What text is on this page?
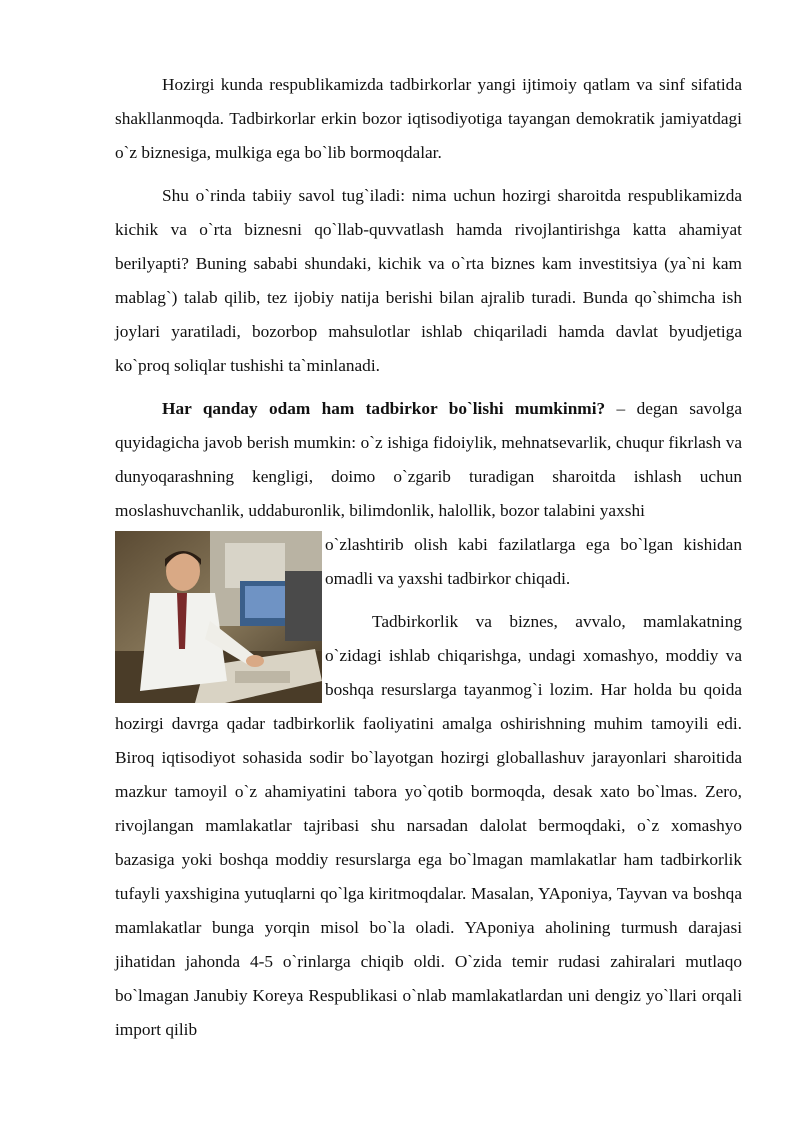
Hozirgi kunda respublikamizda tadbirkorlar yangi ijtimoiy qatlam va sinf sifatida shakllanmoqda. Tadbirkorlar erkin bozor iqtisodiyotiga tayangan demokratik jamiyatdagi o`z biznesiga, mulkiga ega bo`lib bormoqdalar.

Shu o`rinda tabiiy savol tug`iladi: nima uchun hozirgi sharoitda respublikamizda kichik va o`rta biznesni qo`llab-quvvatlash hamda rivojlantirishga katta ahamiyat berilyapti? Buning sababi shundaki, kichik va o`rta biznes kam investitsiya (ya`ni kam mablag`) talab qilib, tez ijobiy natija berishi bilan ajralib turadi. Bunda qo`shimcha ish joylari yaratiladi, bozorbop mahsulotlar ishlab chiqariladi hamda davlat byudjetiga ko`proq soliqlar tushishi ta`minlanadi.

Har qanday odam ham tadbirkor bo`lishi mumkinmi? – degan savolga quyidagicha javob berish mumkin: o`z ishiga fidoiylik, mehnatsevarlik, chuqur fikrlash va dunyoqarashning kengligi, doimo o`zgarib turadigan sharoitda ishlash uchun moslashuvchanlik, uddaburonlik, bilimdonlik, halollik, bozor talabini yaxshi

o`zlashtirib olish kabi fazilatlarga ega bo`lgan kishidan omadli va yaxshi tadbirkor chiqadi.

Tadbirkorlik va biznes, avvalo, mamlakatning o`zidagi ishlab chiqarishga, undagi xomashyo, moddiy va boshqa resurslarga tayanmog`i lozim. Har holda bu qoida hozirgi davrga qadar tadbirkorlik faoliyatini amalga oshirishning muhim tamoyili edi. Biroq iqtisodiyot sohasida sodir bo`layotgan hozirgi globallashuv jarayonlari sharoitida mazkur tamoyil o`z ahamiyatini tabora yo`qotib bormoqda, desak xato bo`lmas. Zero, rivojlangan mamlakatlar tajribasi shu narsadan dalolat bermoqdaki, o`z xomashyo bazasiga yoki boshqa moddiy resurslarga ega bo`lmagan mamlakatlar ham tadbirkorlik tufayli yaxshigina yutuqlarni qo`lga kiritmoqdalar. Masalan, YAponiya, Tayvan va boshqa mamlakatlar bunga yorqin misol bo`la oladi. YAponiya aholining turmush darajasi jihatidan jahonda 4-5 o`rinlarga chiqib oldi. O`zida temir rudasi zahiralari mutlaqo bo`lmagan Janubiy Koreya Respublikasi o`nlab mamlakatlardan uni dengiz yo`llari orqali import qilib
